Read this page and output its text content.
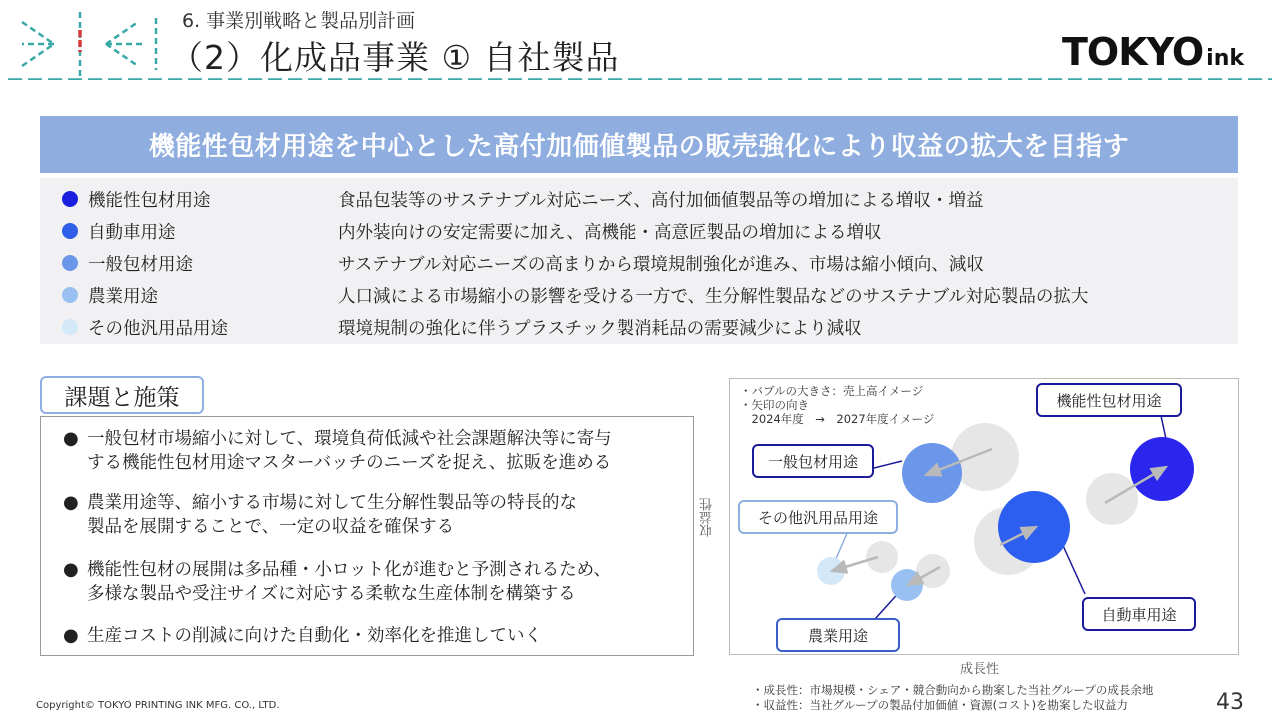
6. 事業別戦略と製品別計画
（2）化成品事業 ① 自社製品	TOKYO ink
機能性包材用途を中心とした高付加価値製品の販売強化により収益の拡大を目指す
機能性包材用途	食品包装等のサステナブル対応ニーズ、高付加価値製品等の増加による増収・増益
自動車用途	内外装向けの安定需要に加え、高機能・高意匠製品の増加による増収
一般包材用途	サステナブル対応ニーズの高まりから環境規制強化が進み、市場は縮小傾向、減収
農業用途	人口減による市場縮小の影響を受ける一方で、生分解性製品などのサステナブル対応製品の拡大
その他汎用品用途	環境規制の強化に伴うプラスチック製消耗品の需要減少により減収
課題と施策
● 一般包材市場縮小に対して、環境負荷低減や社会課題解決等に寄与
する機能性包材用途マスターバッチのニーズを捉え、拡販を進める
● 農業用途等、縮小する市場に対して生分解性製品等の特長的な
製品を展開することで、一定の収益を確保する
● 機能性包材の展開は多品種・小ロット化が進むと予測されるため、
多様な製品や受注サイズに対応する柔軟な生産体制を構築する
● 生産コストの削減に向けた自動化・効率化を推進していく
・バブルの大きさ：売上高イメージ
・矢印の向き
　2024年度　→　2027年度イメージ
機能性包材用途
一般包材用途
その他汎用品用途
農業用途
自動車用途
収益性
成長性
・成長性：市場規模・シェア・競合動向から勘案した当社グループの成長余地
・収益性：当社グループの製品付加価値・資源(コスト)を勘案した収益力
Copyright© TOKYO PRINTING INK MFG. CO., LTD.	43
